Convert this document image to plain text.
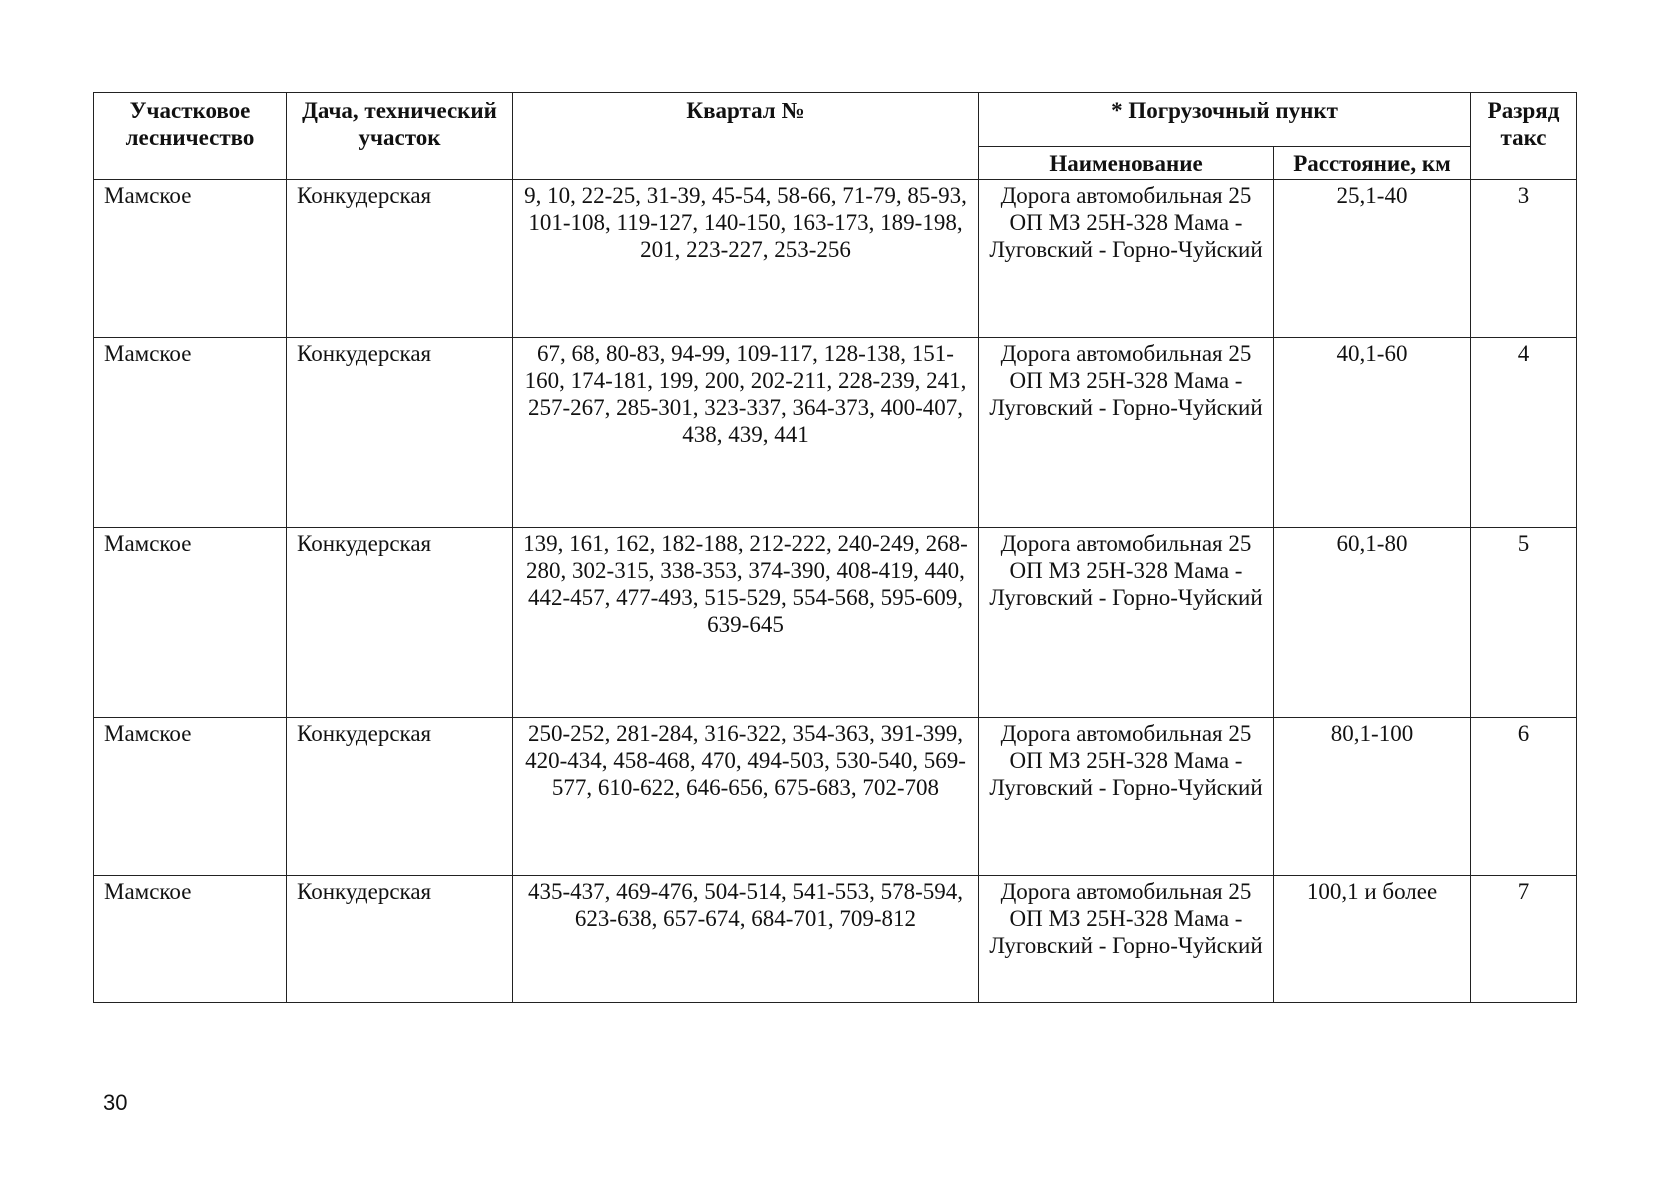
Участковое лесничество	Дача, технический участок	Квартал №	* Погрузочный пункт		Разряд такс

			Наименование	Расстояние, км	

Мамское	Конкудерская	9, 10, 22-25, 31-39, 45-54, 58-66, 71-79, 85-93, 101-108, 119-127, 140-150, 163-173, 189-198, 201, 223-227, 253-256	Дорога автомобильная 25 ОП МЗ 25Н-328 Мама - Луговский - Горно-Чуйский	25,1-40	3

Мамское	Конкудерская	67, 68, 80-83, 94-99, 109-117, 128-138, 151-160, 174-181, 199, 200, 202-211, 228-239, 241, 257-267, 285-301, 323-337, 364-373, 400-407, 438, 439, 441	Дорога автомобильная 25 ОП МЗ 25Н-328 Мама - Луговский - Горно-Чуйский	40,1-60	4

Мамское	Конкудерская	139, 161, 162, 182-188, 212-222, 240-249, 268-280, 302-315, 338-353, 374-390, 408-419, 440, 442-457, 477-493, 515-529, 554-568, 595-609, 639-645	Дорога автомобильная 25 ОП МЗ 25Н-328 Мама - Луговский - Горно-Чуйский	60,1-80	5

Мамское	Конкудерская	250-252, 281-284, 316-322, 354-363, 391-399, 420-434, 458-468, 470, 494-503, 530-540, 569-577, 610-622, 646-656, 675-683, 702-708	Дорога автомобильная 25 ОП МЗ 25Н-328 Мама - Луговский - Горно-Чуйский	80,1-100	6

Мамское	Конкудерская	435-437, 469-476, 504-514, 541-553, 578-594, 623-638, 657-674, 684-701, 709-812	Дорога автомобильная 25 ОП МЗ 25Н-328 Мама - Луговский - Горно-Чуйский	100,1 и более	7
30
